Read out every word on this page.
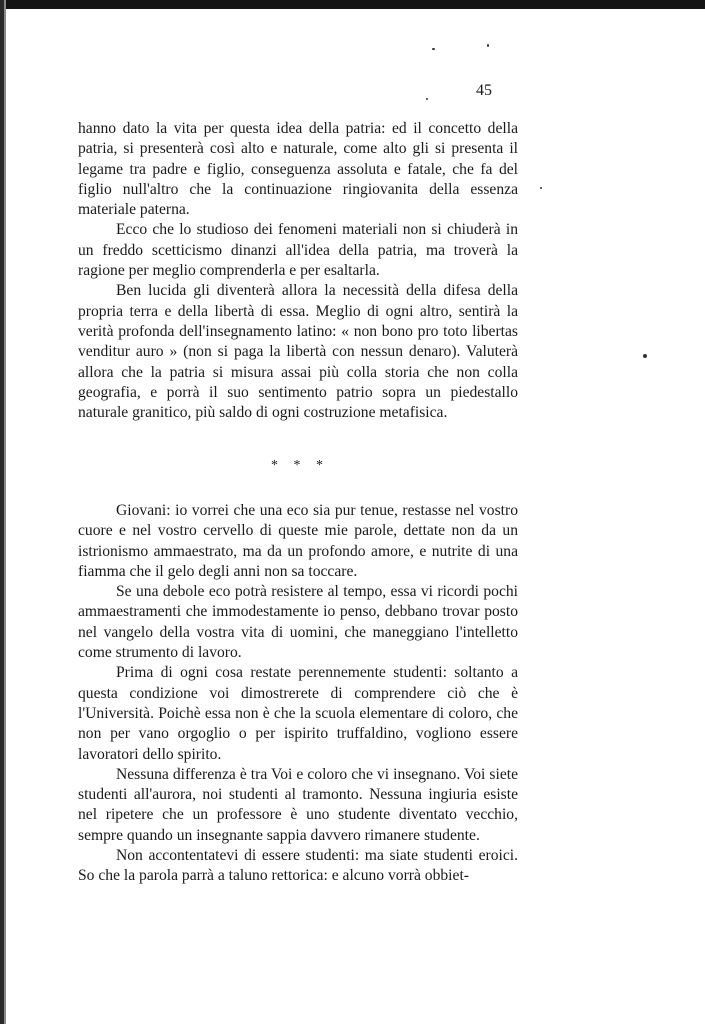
45

hanno dato la vita per questa idea della patria: ed il concetto della patria, si presenterà così alto e naturale, come alto gli si presenta il legame tra padre e figlio, conseguenza assoluta e fatale, che fa del figlio null'altro che la continuazione ringiovanita della essenza materiale paterna.

Ecco che lo studioso dei fenomeni materiali non si chiuderà in un freddo scetticismo dinanzi all'idea della patria, ma troverà la ragione per meglio comprenderla e per esaltarla.

Ben lucida gli diventerà allora la necessità della difesa della propria terra e della libertà di essa. Meglio di ogni altro, sentirà la verità profonda dell'insegnamento latino: « non bono pro toto libertas venditur auro » (non si paga la libertà con nessun denaro). Valuterà allora che la patria si misura assai più colla storia che non colla geografia, e porrà il suo sentimento patrio sopra un piedestallo naturale granitico, più saldo di ogni costruzione metafisica.

* * *

Giovani: io vorrei che una eco sia pur tenue, restasse nel vostro cuore e nel vostro cervello di queste mie parole, dettate non da un istrionismo ammaestrato, ma da un profondo amore, e nutrite di una fiamma che il gelo degli anni non sa toccare.

Se una debole eco potrà resistere al tempo, essa vi ricordi pochi ammaestramenti che immodestamente io penso, debbano trovar posto nel vangelo della vostra vita di uomini, che maneggiano l'intelletto come strumento di lavoro.

Prima di ogni cosa restate perennemente studenti: soltanto a questa condizione voi dimostrerete di comprendere ciò che è l'Università. Poichè essa non è che la scuola elementare di coloro, che non per vano orgoglio o per ispirito truffaldino, vogliono essere lavoratori dello spirito.

Nessuna differenza è tra Voi e coloro che vi insegnano. Voi siete studenti all'aurora, noi studenti al tramonto. Nessuna ingiuria esiste nel ripetere che un professore è uno studente diventato vecchio, sempre quando un insegnante sappia davvero rimanere studente.

Non accontentatevi di essere studenti: ma siate studenti eroici. So che la parola parrà a taluno rettorica: e alcuno vorrà obbiet-
